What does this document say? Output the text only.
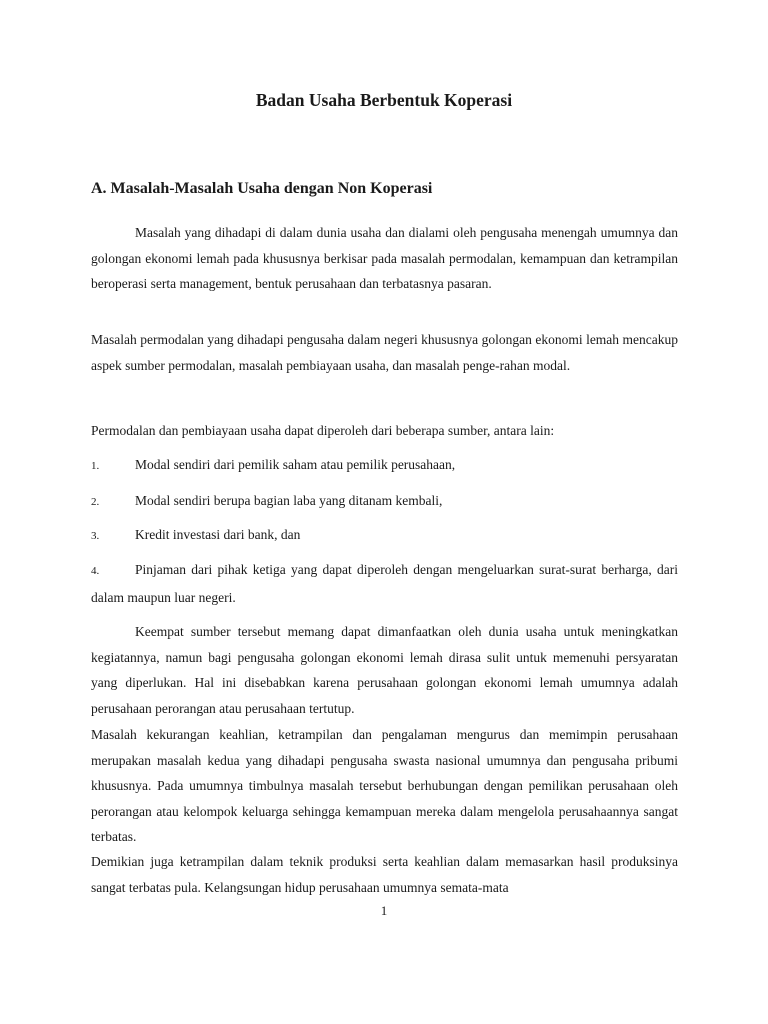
Badan Usaha Berbentuk Koperasi
A. Masalah-Masalah Usaha dengan Non Koperasi

Masalah yang dihadapi di dalam dunia usaha dan dialami oleh pengusaha menengah umumnya dan golongan ekonomi lemah pada khususnya berkisar pada masalah permodalan, kemampuan dan ketrampilan beroperasi serta management, bentuk perusahaan dan terbatasnya pasaran.

Masalah permodalan yang dihadapi pengusaha dalam negeri khususnya golongan ekonomi lemah mencakup aspek sumber permodalan, masalah pembiayaan usaha, dan masalah penge-rahan modal.

Permodalan dan pembiayaan usaha dapat diperoleh dari beberapa sumber, antara lain:

1.	Modal sendiri dari pemilik saham atau pemilik perusahaan,
2.	Modal sendiri berupa bagian laba yang ditanam kembali,
3.	Kredit investasi dari bank, dan
4.	Pinjaman dari pihak ketiga yang dapat diperoleh dengan mengeluarkan surat-surat berharga, dari dalam maupun luar negeri.

Keempat sumber tersebut memang dapat dimanfaatkan oleh dunia usaha untuk meningkatkan kegiatannya, namun bagi pengusaha golongan ekonomi lemah dirasa sulit untuk memenuhi persyaratan yang diperlukan. Hal ini disebabkan karena perusahaan golongan ekonomi lemah umumnya adalah perusahaan perorangan atau perusahaan tertutup.

Masalah kekurangan keahlian, ketrampilan dan pengalaman mengurus dan memimpin perusahaan merupakan masalah kedua yang dihadapi pengusaha swasta nasional umumnya dan pengusaha pribumi khususnya. Pada umumnya timbulnya masalah tersebut berhubungan dengan pemilikan perusahaan oleh perorangan atau kelompok keluarga sehingga kemampuan mereka dalam mengelola perusahaannya sangat terbatas.

Demikian juga ketrampilan dalam teknik produksi serta keahlian dalam memasarkan hasil produksinya sangat terbatas pula. Kelangsungan hidup perusahaan umumnya semata-mata

1
